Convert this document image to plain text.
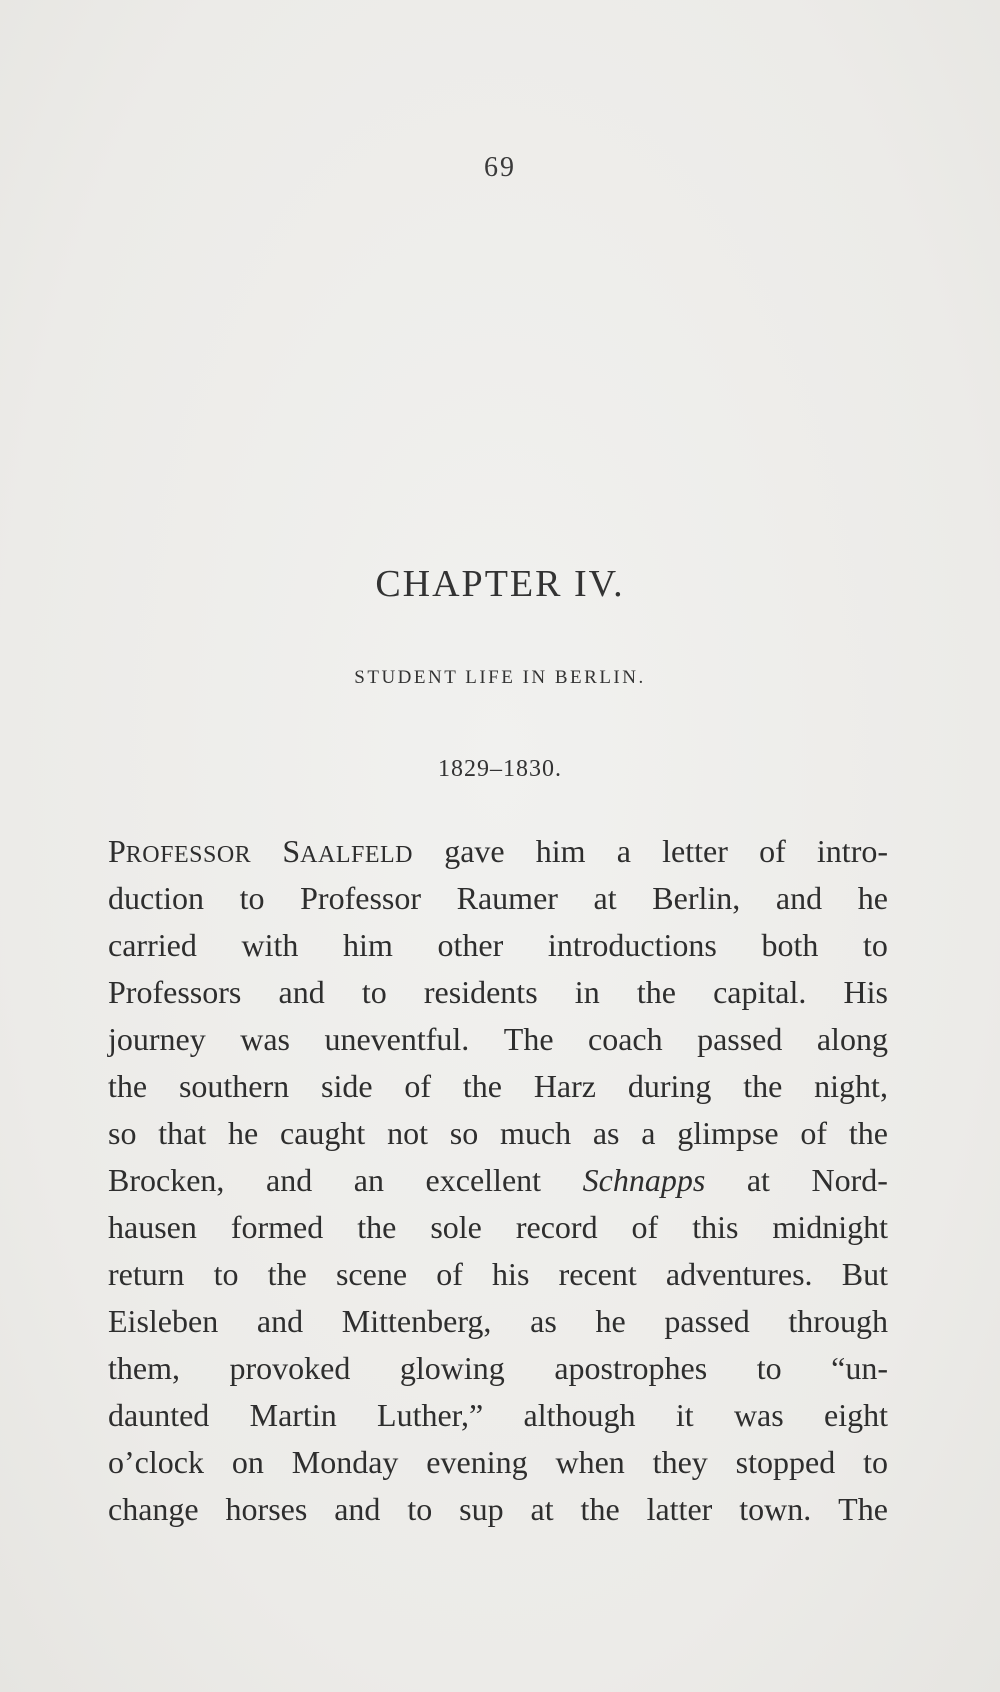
69
CHAPTER IV.
STUDENT LIFE IN BERLIN.
1829–1830.
PROFESSOR SAALFELD gave him a letter of intro-
duction to Professor Raumer at Berlin, and he
carried with him other introductions both to
Professors and to residents in the capital. His
journey was uneventful. The coach passed along
the southern side of the Harz during the night,
so that he caught not so much as a glimpse of the
Brocken, and an excellent Schnapps at Nord-
hausen formed the sole record of this midnight
return to the scene of his recent adventures. But
Eisleben and Mittenberg, as he passed through
them, provoked glowing apostrophes to “un-
daunted Martin Luther,” although it was eight
o’clock on Monday evening when they stopped to
change horses and to sup at the latter town. The
